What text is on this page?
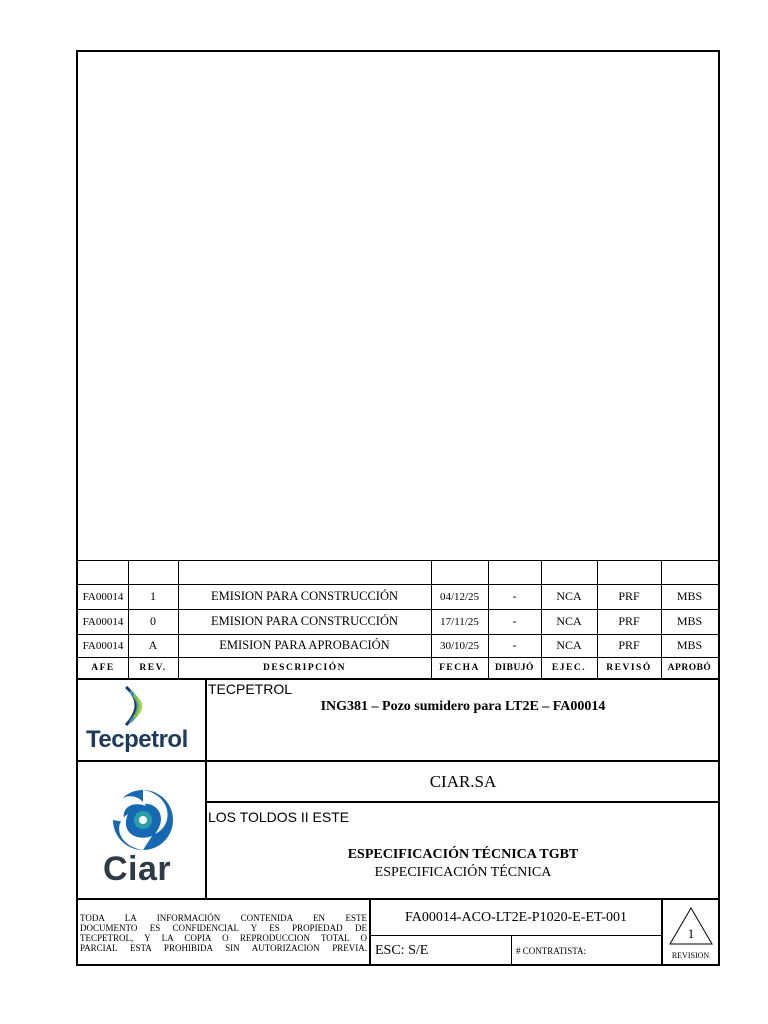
FA00014	1	EMISION PARA CONSTRUCCIÓN	04/12/25	-	NCA	PRF	MBS
FA00014	0	EMISION PARA CONSTRUCCIÓN	17/11/25	-	NCA	PRF	MBS
FA00014	A	EMISION PARA APROBACIÓN	30/10/25	-	NCA	PRF	MBS
AFE	REV.	DESCRIPCIÓN	FECHA	DIBUJÓ	EJEC.	REVISÓ	APROBÓ
Tecpetrol
TECPETROL
ING381 – Pozo sumidero para LT2E – FA00014
Ciar
CIAR.SA
LOS TOLDOS II ESTE
ESPECIFICACIÓN TÉCNICA TGBT
ESPECIFICACIÓN TÉCNICA
TODA LA INFORMACIÓN CONTENIDA EN ESTE
DOCUMENTO ES CONFIDENCIAL Y ES PROPIEDAD DE
TECPETROL, Y LA COPIA O REPRODUCCION TOTAL O
PARCIAL ESTA PROHIBIDA SIN AUTORIZACION PREVIA.
FA00014-ACO-LT2E-P1020-E-ET-001
ESC: S/E	# CONTRATISTA:
1
REVISION
